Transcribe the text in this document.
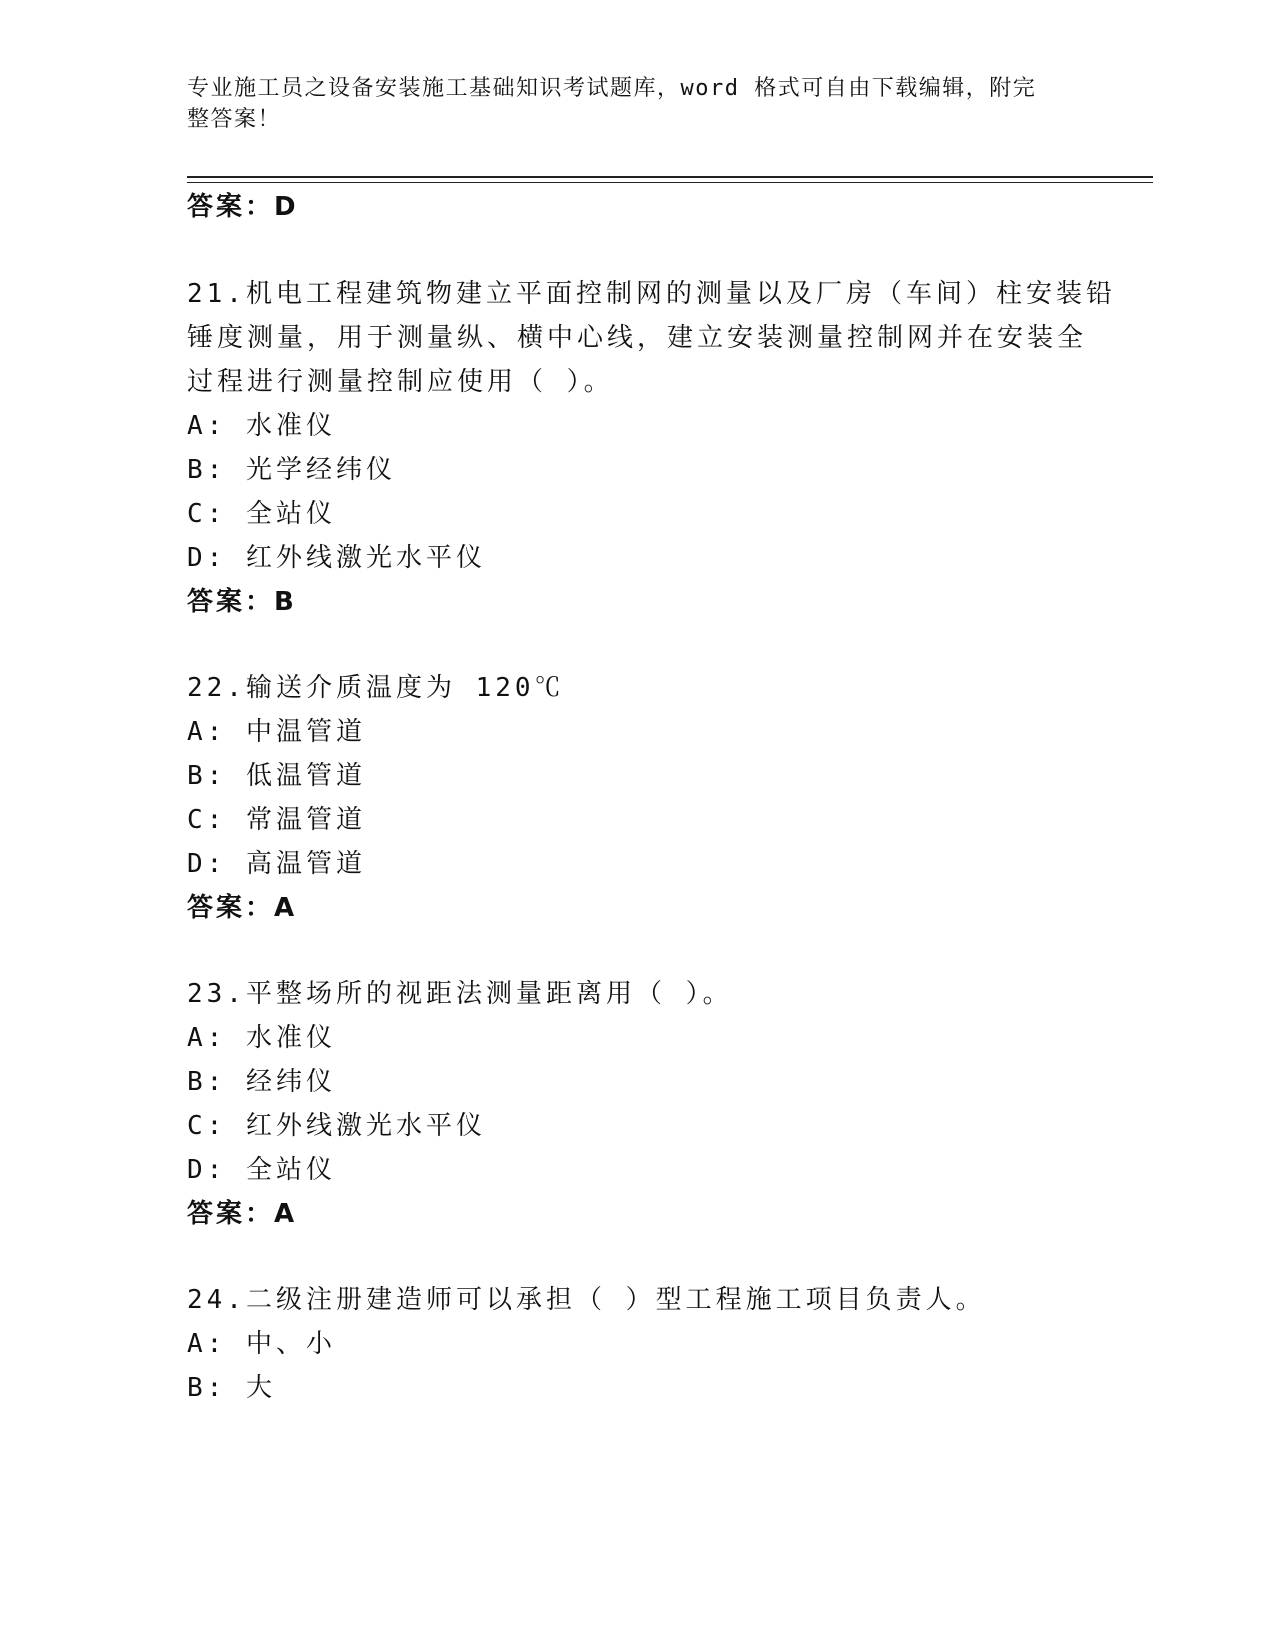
专业施工员之设备安装施工基础知识考试题库，word 格式可自由下载编辑，附完
整答案！
答案：D
21.机电工程建筑物建立平面控制网的测量以及厂房（车间）柱安装铅
锤度测量，用于测量纵、横中心线，建立安装测量控制网并在安装全
过程进行测量控制应使用（ ）。
A: 水准仪
B: 光学经纬仪
C: 全站仪
D: 红外线激光水平仪
答案：B
22.输送介质温度为 120℃
A: 中温管道
B: 低温管道
C: 常温管道
D: 高温管道
答案：A
23.平整场所的视距法测量距离用（ ）。
A: 水准仪
B: 经纬仪
C: 红外线激光水平仪
D: 全站仪
答案：A
24.二级注册建造师可以承担（ ）型工程施工项目负责人。
A: 中、小
B: 大
